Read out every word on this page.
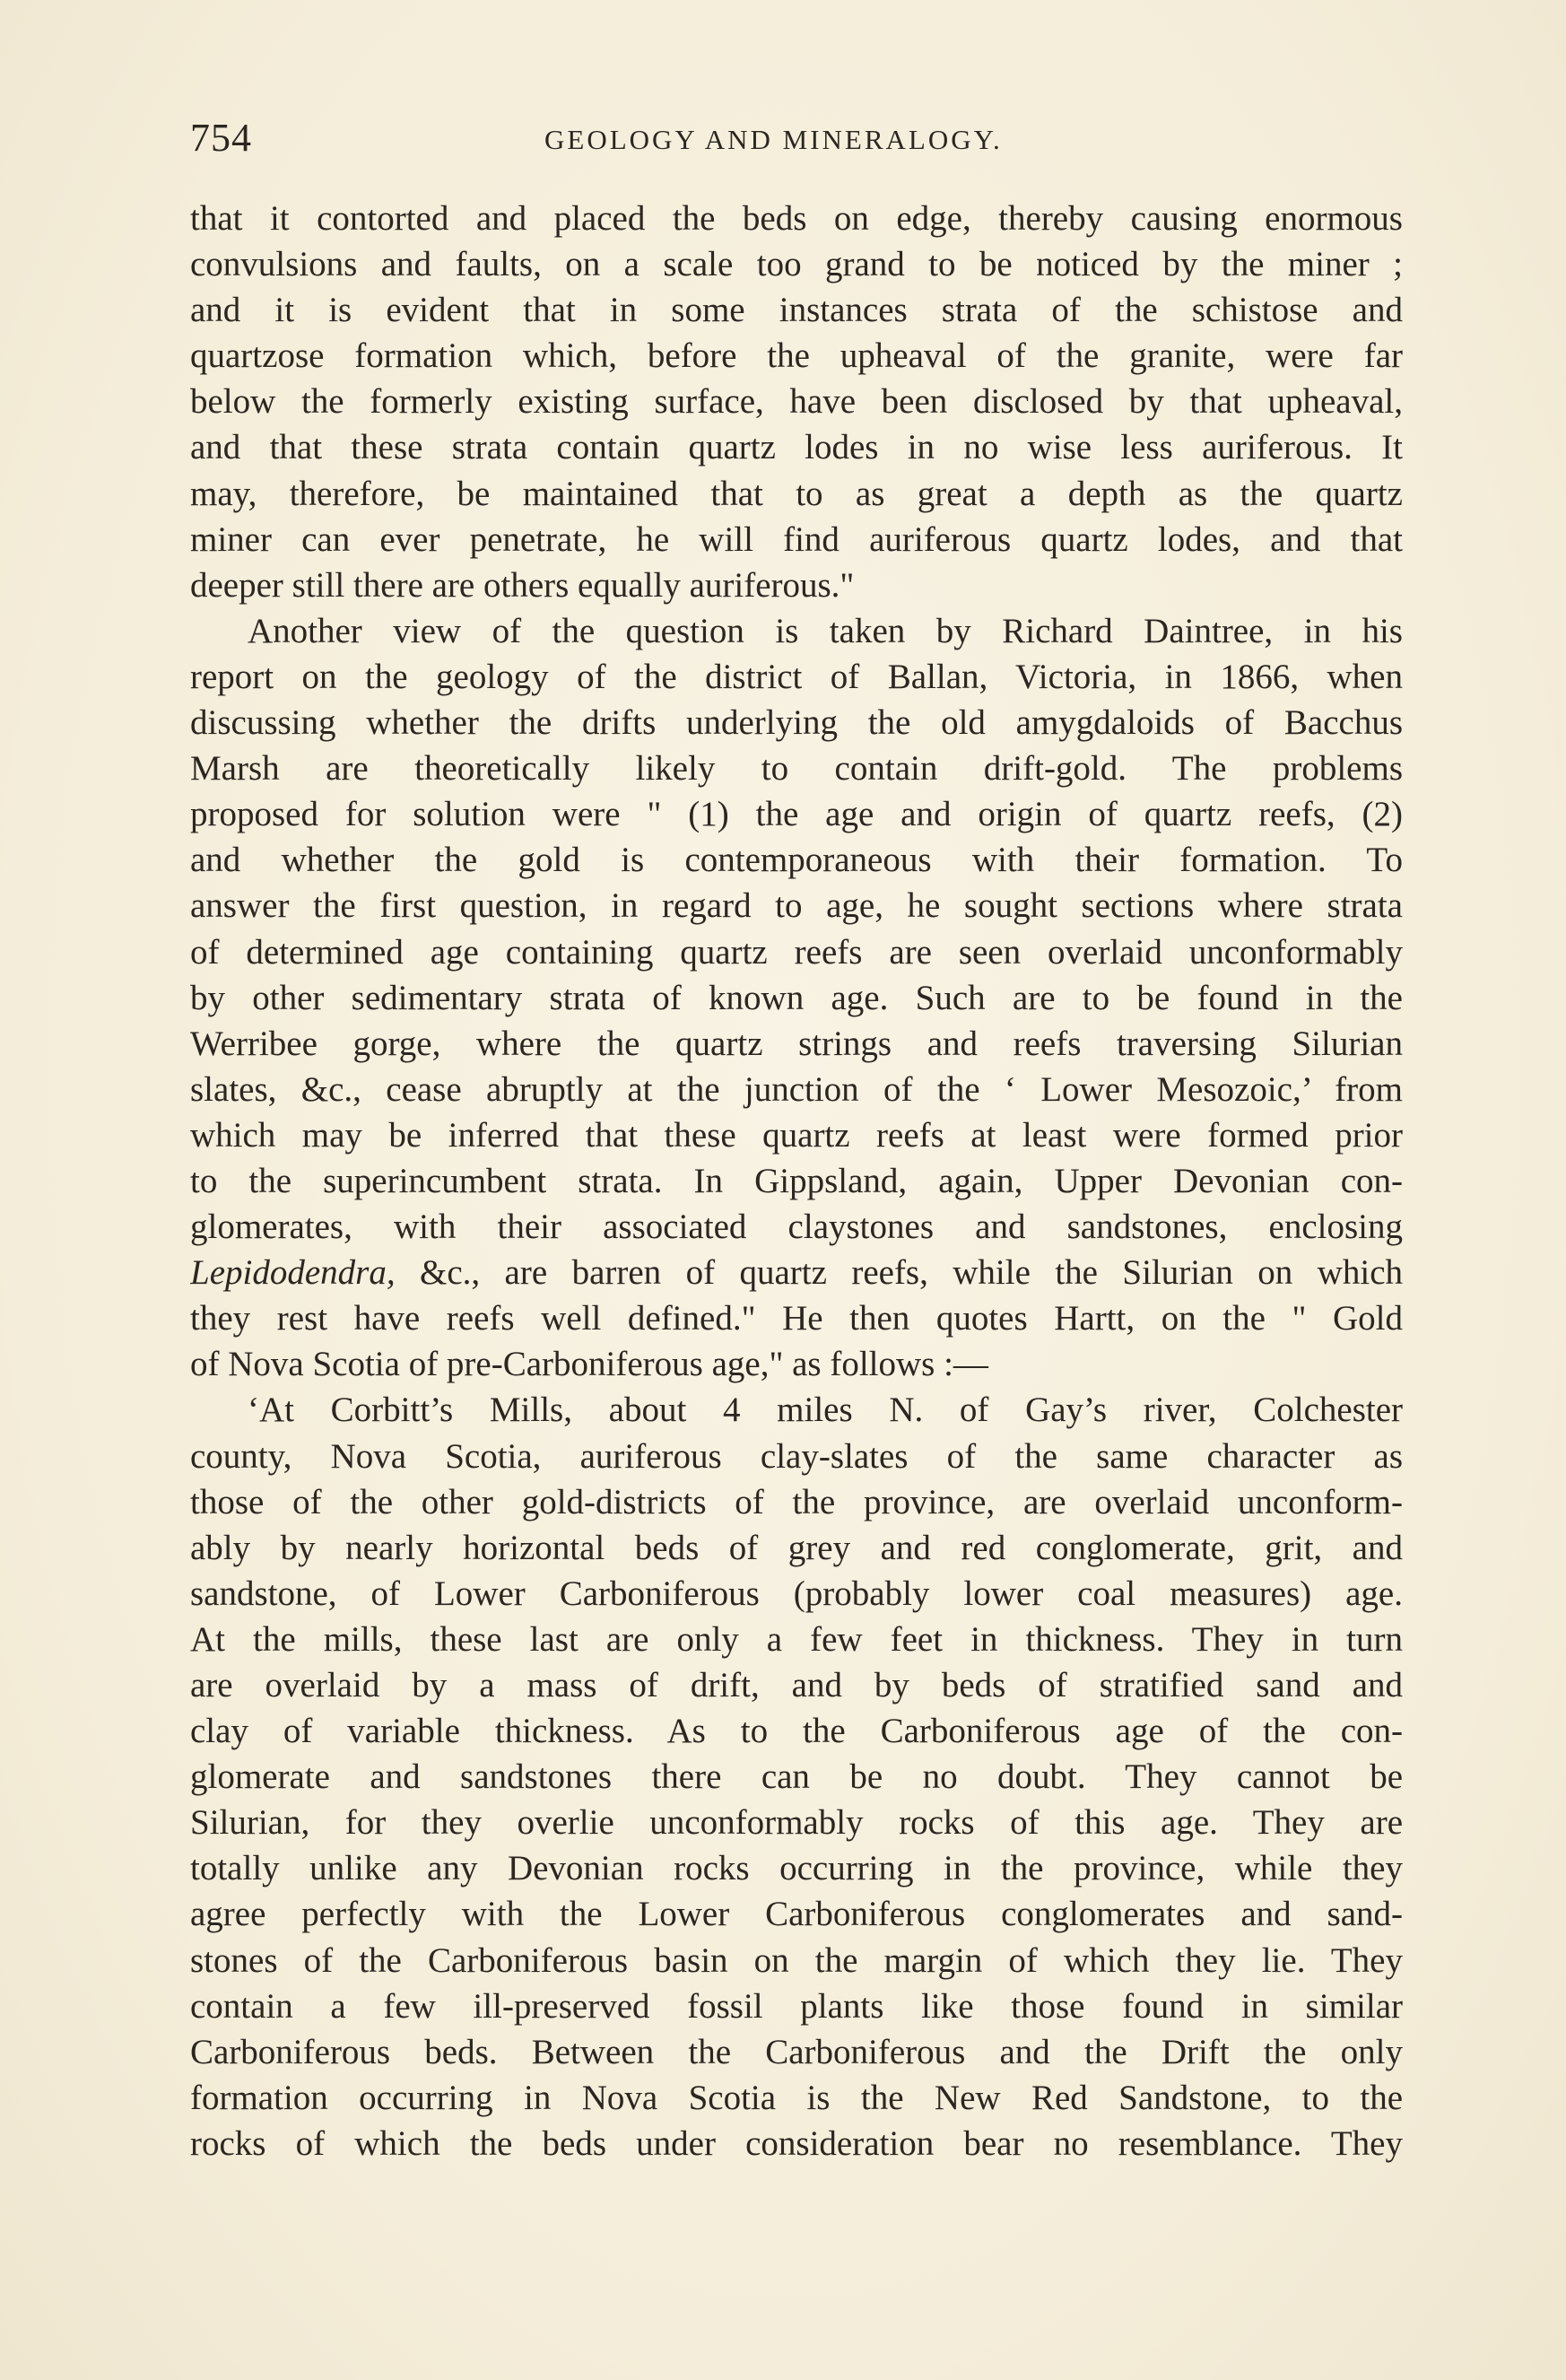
754	GEOLOGY AND MINERALOGY.
that it contorted and placed the beds on edge, thereby causing enormous
convulsions and faults, on a scale too grand to be noticed by the miner ;
and it is evident that in some instances strata of the schistose and
quartzose formation which, before the upheaval of the granite, were far
below the formerly existing surface, have been disclosed by that upheaval,
and that these strata contain quartz lodes in no wise less auriferous. It
may, therefore, be maintained that to as great a depth as the quartz
miner can ever penetrate, he will find auriferous quartz lodes, and that
deeper still there are others equally auriferous."
Another view of the question is taken by Richard Daintree, in his
report on the geology of the district of Ballan, Victoria, in 1866, when
discussing whether the drifts underlying the old amygdaloids of Bacchus
Marsh are theoretically likely to contain drift-gold. The problems
proposed for solution were " (1) the age and origin of quartz reefs, (2)
and whether the gold is contemporaneous with their formation. To
answer the first question, in regard to age, he sought sections where strata
of determined age containing quartz reefs are seen overlaid unconformably
by other sedimentary strata of known age. Such are to be found in the
Werribee gorge, where the quartz strings and reefs traversing Silurian
slates, &c., cease abruptly at the junction of the ‘ Lower Mesozoic,’ from
which may be inferred that these quartz reefs at least were formed prior
to the superincumbent strata. In Gippsland, again, Upper Devonian con-
glomerates, with their associated claystones and sandstones, enclosing
Lepidodendra, &c., are barren of quartz reefs, while the Silurian on which
they rest have reefs well defined." He then quotes Hartt, on the " Gold
of Nova Scotia of pre-Carboniferous age," as follows :—
‘At Corbitt’s Mills, about 4 miles N. of Gay’s river, Colchester
county, Nova Scotia, auriferous clay-slates of the same character as
those of the other gold-districts of the province, are overlaid unconform-
ably by nearly horizontal beds of grey and red conglomerate, grit, and
sandstone, of Lower Carboniferous (probably lower coal measures) age.
At the mills, these last are only a few feet in thickness. They in turn
are overlaid by a mass of drift, and by beds of stratified sand and
clay of variable thickness. As to the Carboniferous age of the con-
glomerate and sandstones there can be no doubt. They cannot be
Silurian, for they overlie unconformably rocks of this age. They are
totally unlike any Devonian rocks occurring in the province, while they
agree perfectly with the Lower Carboniferous conglomerates and sand-
stones of the Carboniferous basin on the margin of which they lie. They
contain a few ill-preserved fossil plants like those found in similar
Carboniferous beds. Between the Carboniferous and the Drift the only
formation occurring in Nova Scotia is the New Red Sandstone, to the
rocks of which the beds under consideration bear no resemblance. They
